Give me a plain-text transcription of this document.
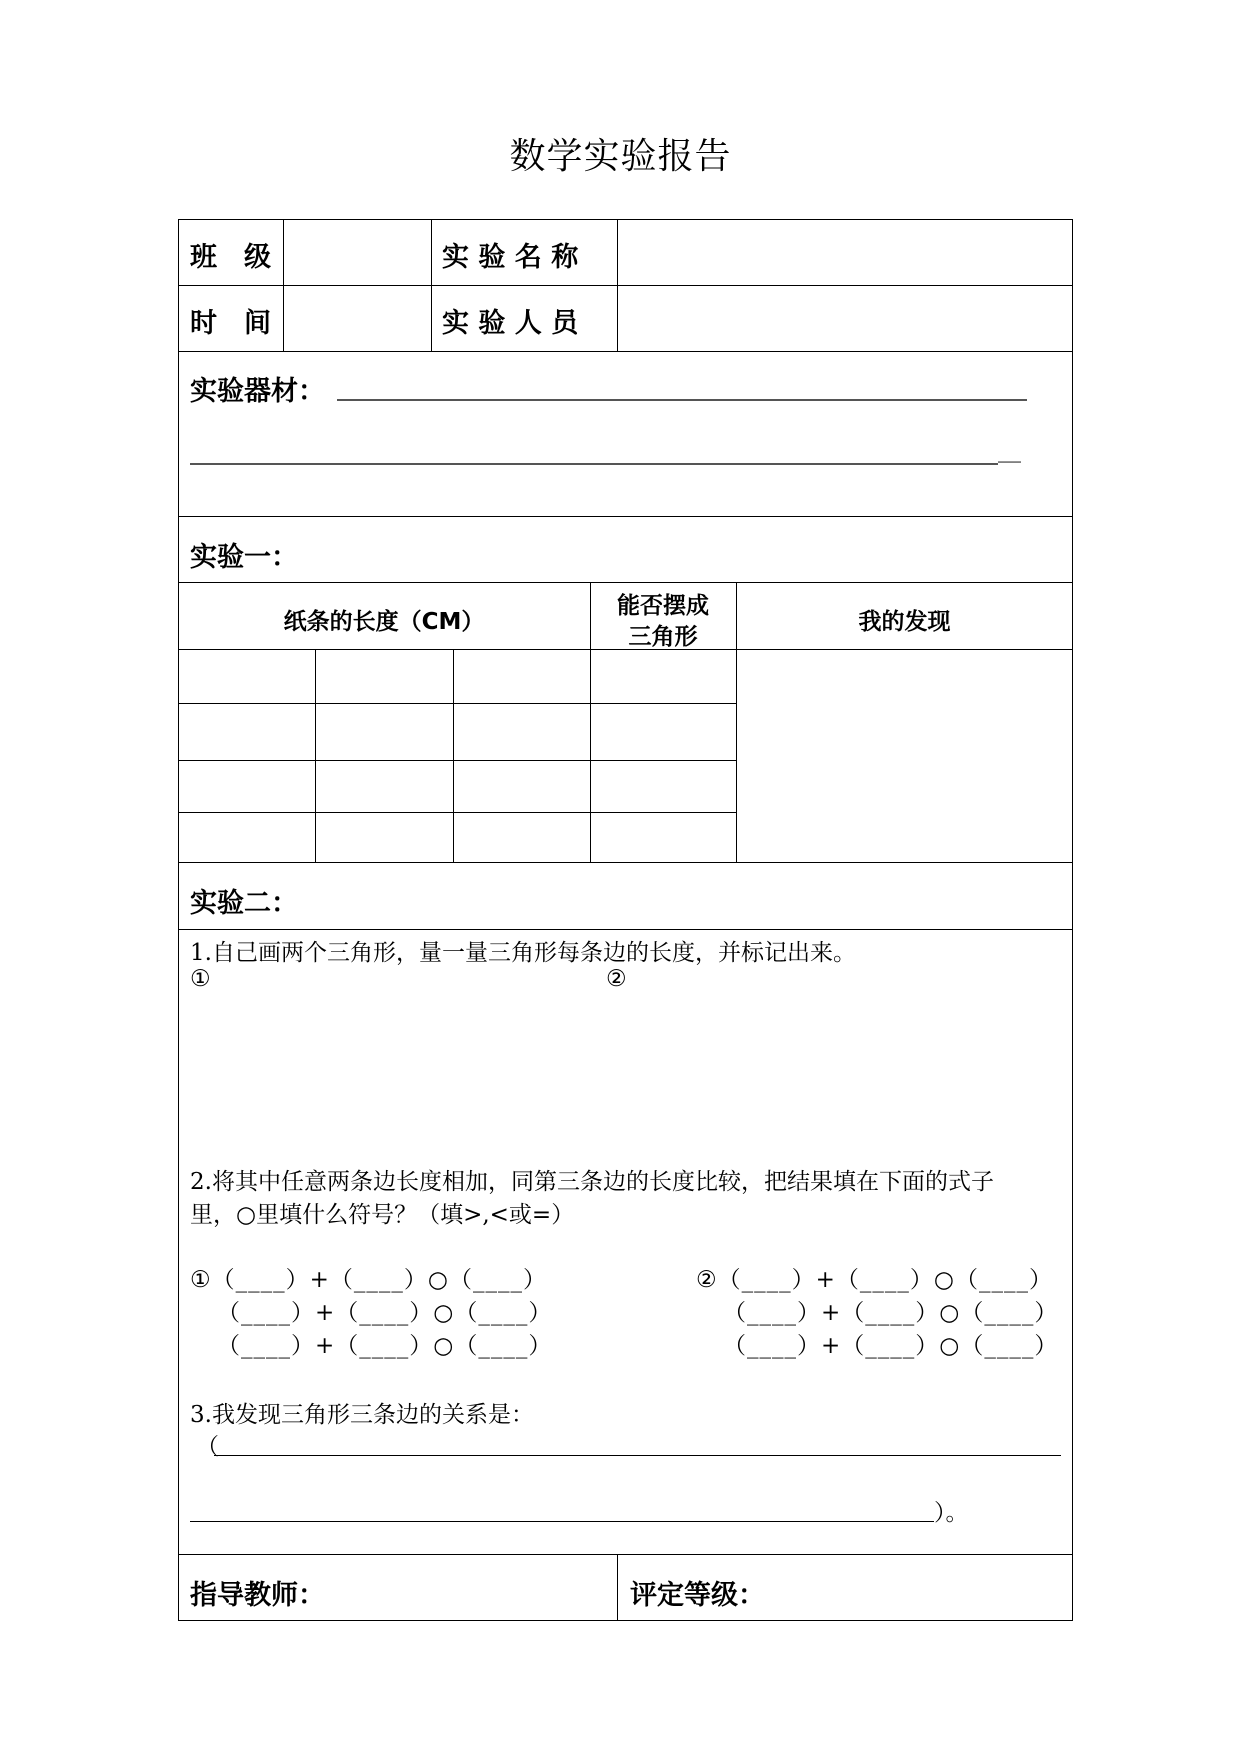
数学实验报告
班　级
时　间
实 验 名 称
实 验 人 员
实验器材：
__
实验一：
纸条的长度（CM）
能否摆成
三角形
我的发现
实验二：
1.自己画两个三角形，量一量三角形每条边的长度，并标记出来。
①	②
2.将其中任意两条边长度相加，同第三条边的长度比较，把结果填在下面的式子
里，○里填什么符号？（填>,<或=）
①（____）+（____）○（____）
（____）+（____）○（____）
（____）+（____）○（____）
②（____）+（____）○（____）
（____）+（____）○（____）
（____）+（____）○（____）
3.我发现三角形三条边的关系是：
（
）。
指导教师：	评定等级：
